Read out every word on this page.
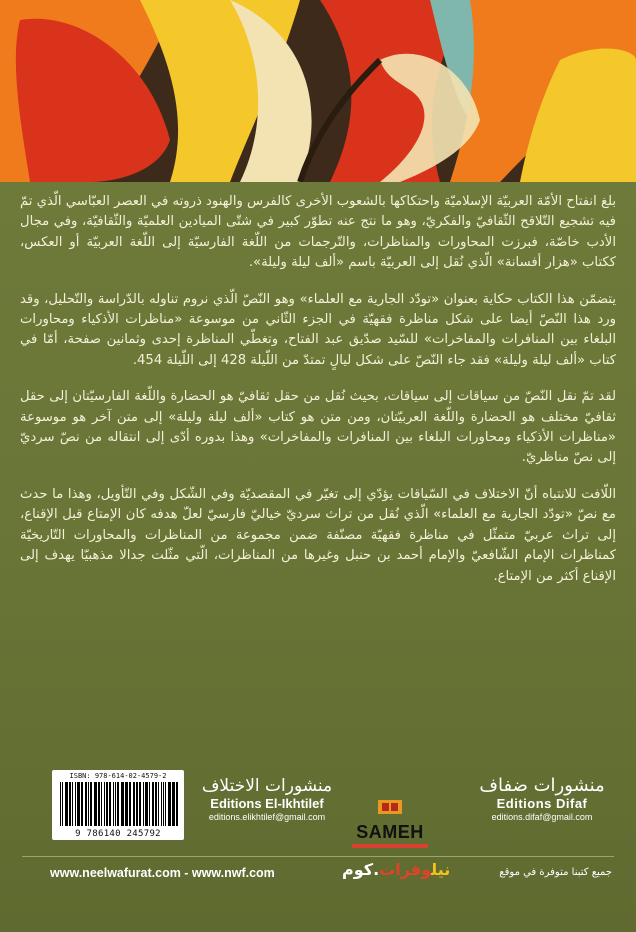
بلغ انفتاح الأمّة العربيّة الإسلاميّة واحتكاكها بالشعوب الأخرى كالفرس والهنود ذروته في العصر العبّاسي الّذي تمّ فيه تشجيع التّلاقح الثّقافيّ والفكريّ، وهو ما نتج عنه تطوّر كبير في شتّى الميادين العلميّة والثّقافيّة، وفي مجال الأدب خاصّة، فبرزت المحاورات والمناظرات، والتّرجمات من اللّغة الفارسيّة إلى اللّغة العربيّة أو العكس، ككتاب «هزار أفسانة» الّذي نُقل إلى العربيّة باسم «ألف ليلة وليلة».

يتضمّن هذا الكتاب حكاية بعنوان «تودّد الجارية مع العلماء» وهو النّصّ الّذي نروم تناوله بالدّراسة والتّحليل، وقد ورد هذا النّصّ أيضا على شكل مناظرة فقهيّة في الجزء الثّاني من موسوعة «مناظرات الأذكياء ومحاورات البلغاء بين المنافرات والمفاخرات» للسّيد صدّيق عبد الفتاح، وتغطّي المناظرة إحدى وثمانين صفحة، أمّا في كتاب «ألف ليلة وليلة» فقد جاء النّصّ على شكل ليالٍ تمتدّ من اللّيلة 428 إلى اللّيلة 454.

لقد تمّ نقل النّصّ من سياقات إلى سياقات، بحيث نُقل من حقل ثقافيّ هو الحضارة واللّغة الفارسيّتان إلى حقل ثقافيّ مختلف هو الحضارة واللّغة العربيّتان، ومن متن هو كتاب «ألف ليلة وليلة» إلى متن آخر هو موسوعة «مناظرات الأذكياء ومحاورات البلغاء بين المنافرات والمفاخرات» وهذا بدوره أدّى إلى انتقاله من نصّ سرديّ إلى نصّ مناظريّ.

اللّافت للانتباه أنّ الاختلاف في السّياقات يؤدّي إلى تغيّر في المقصديّة وفي الشّكل وفي التّأويل، وهذا ما حدث مع نصّ «تودّد الجارية مع العلماء» الّذي نُقل من تراث سرديّ خياليّ فارسيّ لعلّ هدفه كان الإمتاع قبل الإقناع، إلى تراث عربيّ متمثّل في مناظرة فقهيّة مصنّفة ضمن مجموعة من المناظرات والمحاورات التّاريخيّة كمناظرات الإمام الشّافعيّ والإمام أحمد بن حنبل وغيرها من المناظرات، الّتي مثّلت جدالا مذهبيّا يهدف إلى الإقناع أكثر من الإمتاع.

ISBN: 978-614-02-4579-2
9 786140 245792
منشورات الاختلاف
Editions El-Ikhtilef
editions.elikhtilef@gmail.com
SAMEH
منشورات ضفاف
Editions Difaf
editions.difaf@gmail.com
www.neelwafurat.com - www.nwf.com	نيلوفرات.كوم	جميع كتبنا متوفرة في موقع
